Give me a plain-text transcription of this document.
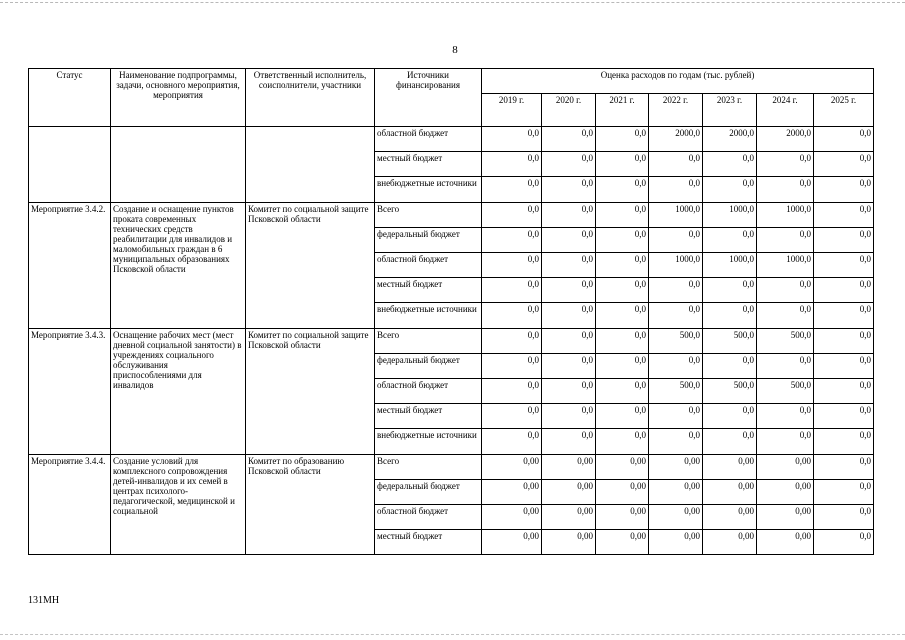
8
Статус	Наименование подпрограммы, задачи, основного мероприятия, мероприятия	Ответственный исполнитель, соисполнители, участники	Источники финансирования	Оценка расходов по годам (тыс. рублей)						
				2019 г.	2020 г.	2021 г.	2022 г.	2023 г.	2024 г.	2025 г.
			областной бюджет	0,0	0,0	0,0	2000,0	2000,0	2000,0	0,0
			местный бюджет	0,0	0,0	0,0	0,0	0,0	0,0	0,0
			внебюджетные источники	0,0	0,0	0,0	0,0	0,0	0,0	0,0
Мероприятие 3.4.2.	Создание и оснащение пунктов проката современных технических средств реабилитации для инвалидов и маломобильных граждан в 6 муниципальных образованиях Псковской области	Комитет по социальной защите Псковской области	Всего	0,0	0,0	0,0	1000,0	1000,0	1000,0	0,0
			федеральный бюджет	0,0	0,0	0,0	0,0	0,0	0,0	0,0
			областной бюджет	0,0	0,0	0,0	1000,0	1000,0	1000,0	0,0
			местный бюджет	0,0	0,0	0,0	0,0	0,0	0,0	0,0
			внебюджетные источники	0,0	0,0	0,0	0,0	0,0	0,0	0,0
Мероприятие 3.4.3.	Оснащение рабочих мест (мест дневной социальной занятости) в учреждениях социального обслуживания приспособлениями для инвалидов	Комитет по социальной защите Псковской области	Всего	0,0	0,0	0,0	500,0	500,0	500,0	0,0
			федеральный бюджет	0,0	0,0	0,0	0,0	0,0	0,0	0,0
			областной бюджет	0,0	0,0	0,0	500,0	500,0	500,0	0,0
			местный бюджет	0,0	0,0	0,0	0,0	0,0	0,0	0,0
			внебюджетные источники	0,0	0,0	0,0	0,0	0,0	0,0	0,0
Мероприятие 3.4.4.	Создание условий для комплексного сопровождения детей-инвалидов и их семей в центрах психолого-педагогической, медицинской и социальной	Комитет по образованию Псковской области	Всего	0,00	0,00	0,00	0,00	0,00	0,00	0,0
			федеральный бюджет	0,00	0,00	0,00	0,00	0,00	0,00	0,0
			областной бюджет	0,00	0,00	0,00	0,00	0,00	0,00	0,0
			местный бюджет	0,00	0,00	0,00	0,00	0,00	0,00	0,0
131МН
